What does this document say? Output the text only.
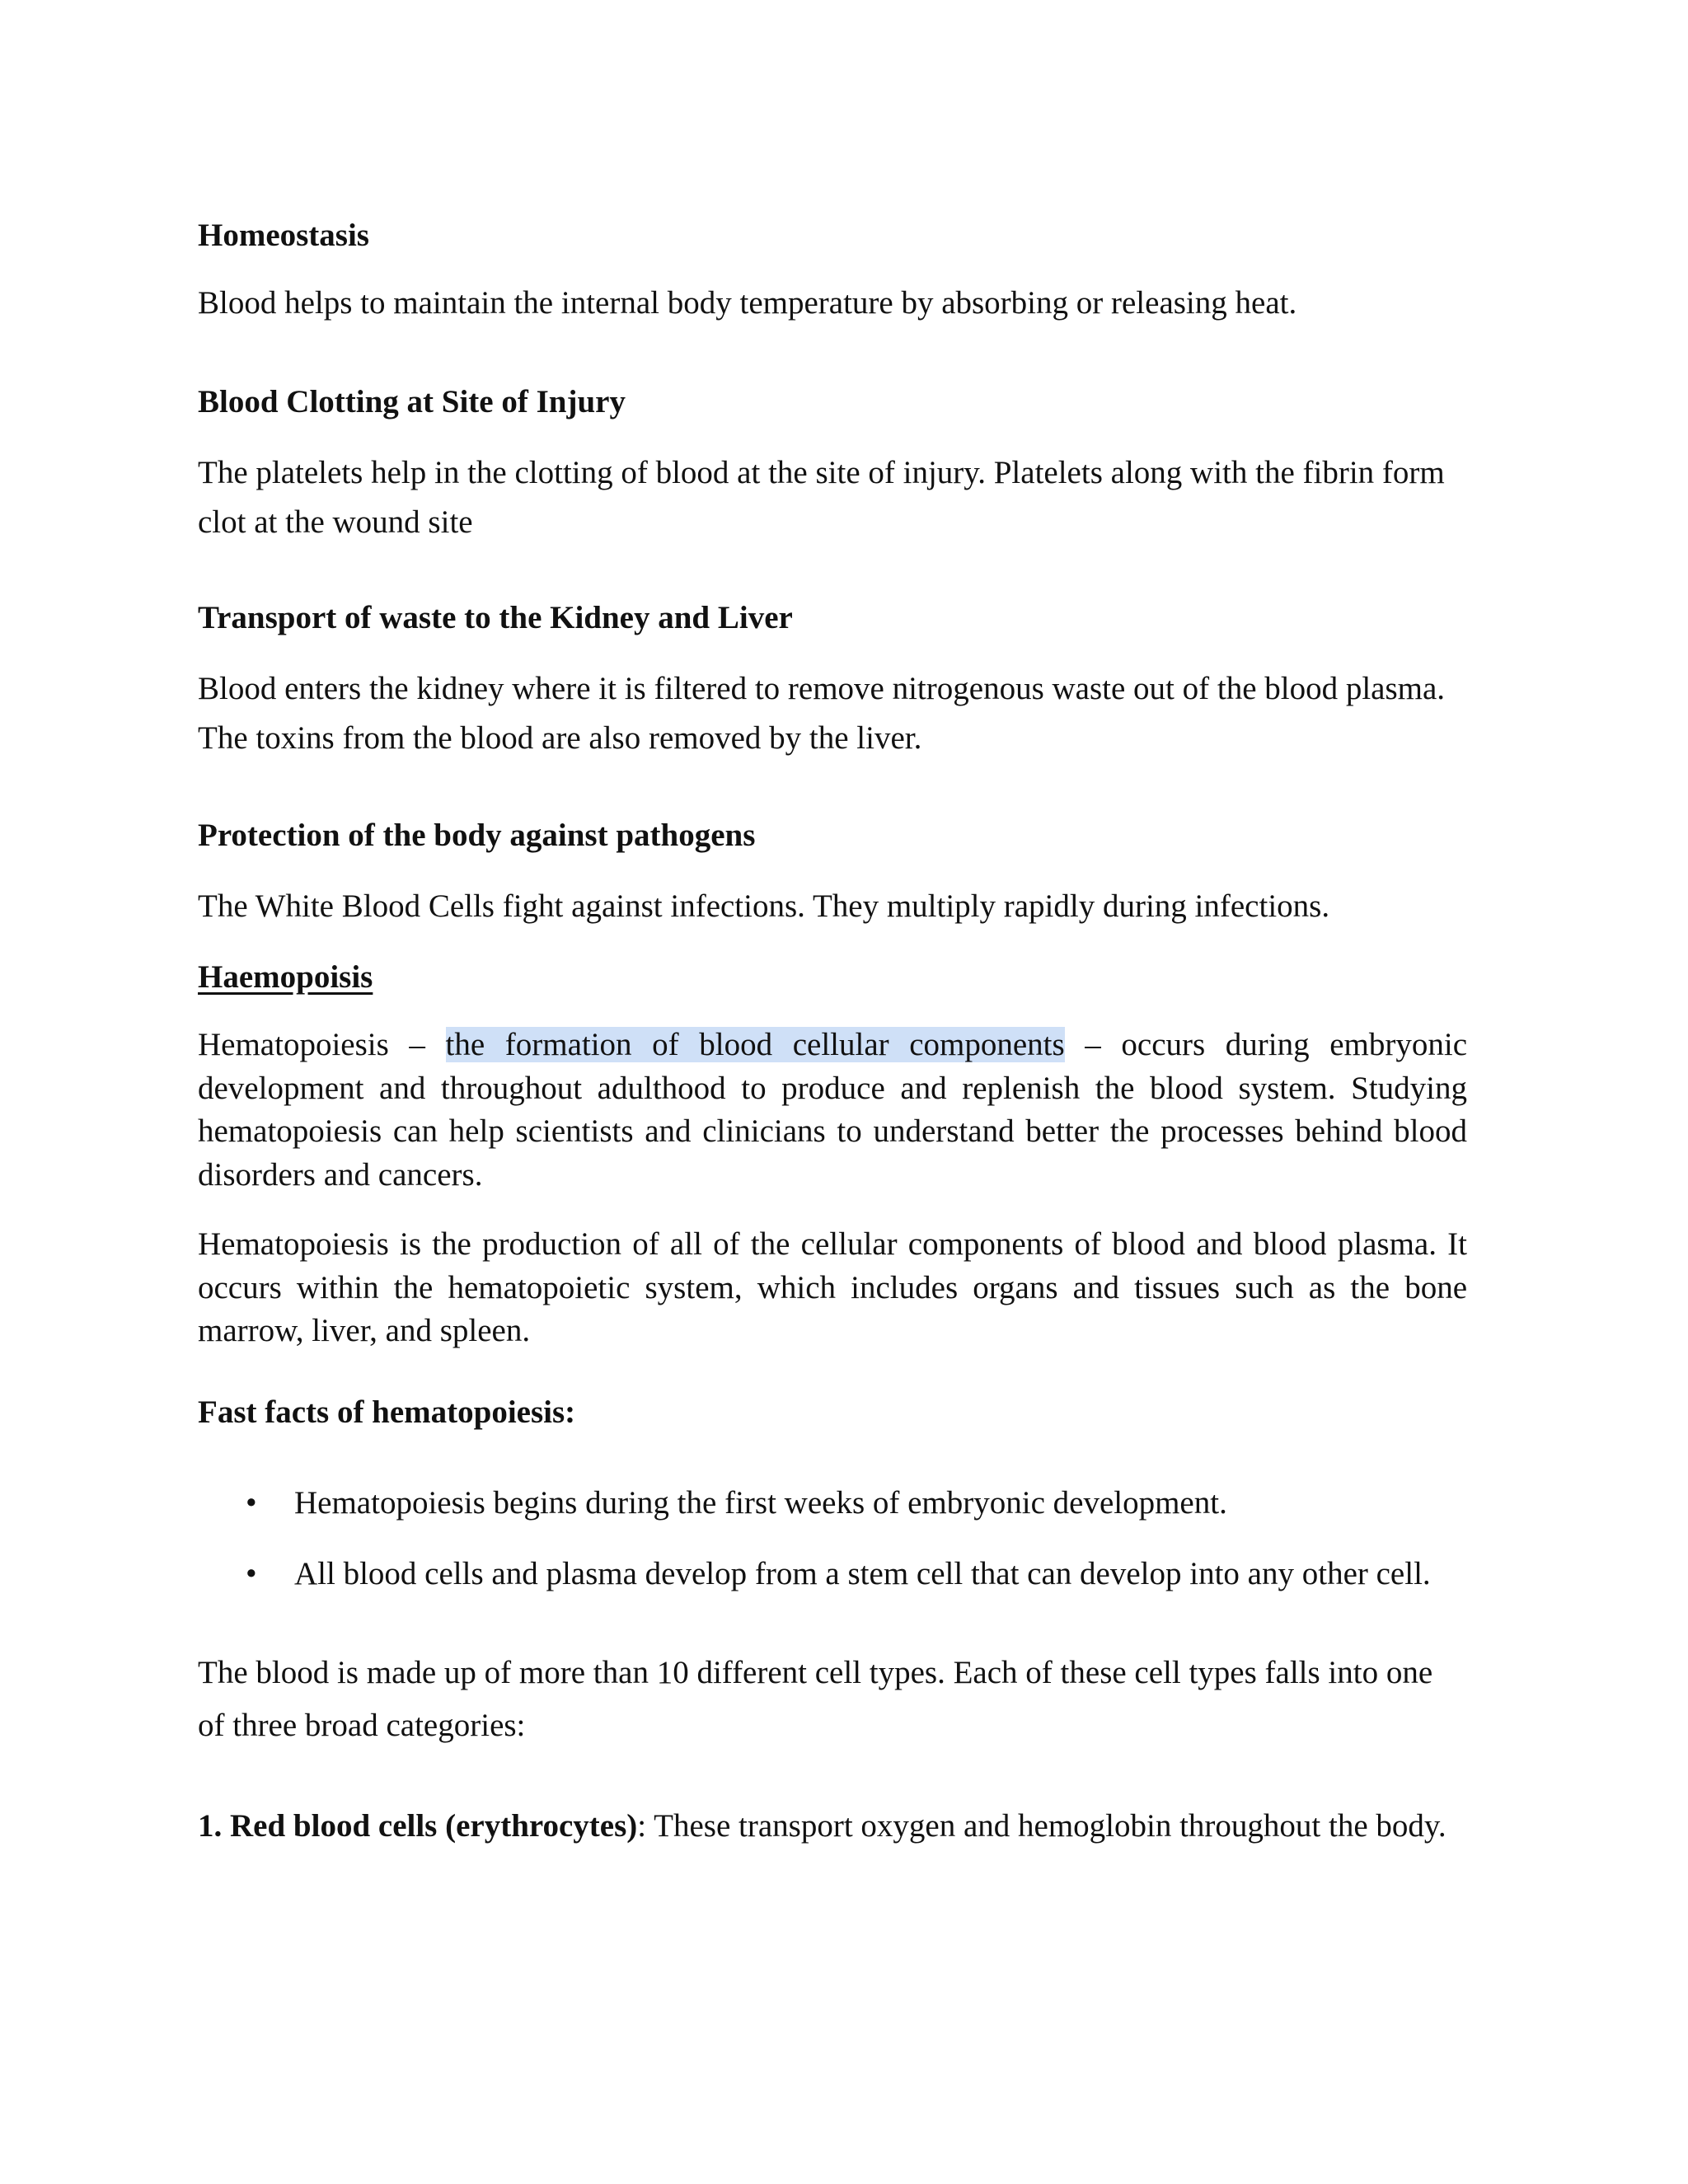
Homeostasis
Blood helps to maintain the internal body temperature by absorbing or releasing heat.
Blood Clotting at Site of Injury
The platelets help in the clotting of blood at the site of injury. Platelets along with the fibrin form clot at the wound site
Transport of waste to the Kidney and Liver
Blood enters the kidney where it is filtered to remove nitrogenous waste out of the blood plasma. The toxins from the blood are also removed by the liver.
Protection of the body against pathogens
The White Blood Cells fight against infections. They multiply rapidly during infections.
Haemopoisis
Hematopoiesis – the formation of blood cellular components – occurs during embryonic development and throughout adulthood to produce and replenish the blood system. Studying hematopoiesis can help scientists and clinicians to understand better the processes behind blood disorders and cancers.
Hematopoiesis is the production of all of the cellular components of blood and blood plasma. It occurs within the hematopoietic system, which includes organs and tissues such as the bone marrow, liver, and spleen.
Fast facts of hematopoiesis:
• Hematopoiesis begins during the first weeks of embryonic development.
• All blood cells and plasma develop from a stem cell that can develop into any other cell.
The blood is made up of more than 10 different cell types. Each of these cell types falls into one of three broad categories:
1. Red blood cells (erythrocytes): These transport oxygen and hemoglobin throughout the body.
